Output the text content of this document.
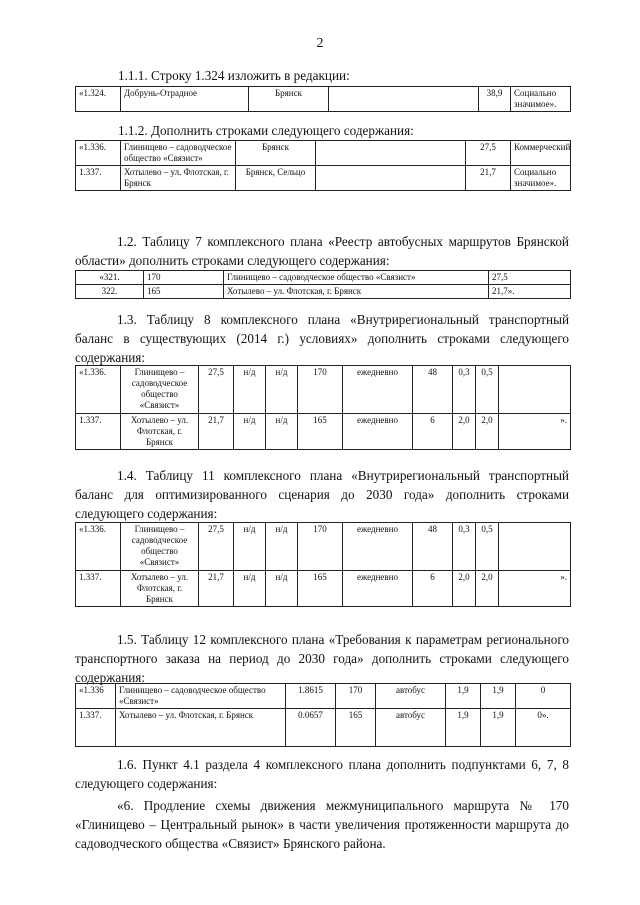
2
1.1.1. Строку 1.324 изложить в редакции:
«1.324.	Добрунь-Отрадное	Брянск		38,9	Социально значимое».
1.1.2. Дополнить строками следующего содержания:
«1.336.	Глинищево – садоводческое общество «Связист»	Брянск		27,5	Коммерческий
1.337.	Хотылево – ул. Флотская, г. Брянск	Брянск, Сельцо		21,7	Социально значимое».
1.2. Таблицу 7 комплексного плана «Реестр автобусных маршрутов Брянской области» дополнить строками следующего содержания:
«321.	170	Глинищево – садоводческое общество «Связист»	27,5
322.	165	Хотылево – ул. Флотская, г. Брянск	21,7».
1.3. Таблицу 8 комплексного плана «Внутрирегиональный транспортный баланс в существующих (2014 г.) условиях» дополнить строками следующего содержания:
«1.336.	Глинищево – садоводческое общество «Связист»	27,5	н/д	н/д	170	ежедневно	48	0,3	0,5	
1.337.	Хотылево – ул. Флотская, г. Брянск	21,7	н/д	н/д	165	ежедневно	6	2,0	2,0	».
1.4. Таблицу 11 комплексного плана «Внутрирегиональный транспортный баланс для оптимизированного сценария до 2030 года» дополнить строками следующего содержания:
«1.336.	Глинищево – садоводческое общество «Связист»	27,5	н/д	н/д	170	ежедневно	48	0,3	0,5	
1.337.	Хотылево – ул. Флотская, г. Брянск	21,7	н/д	н/д	165	ежедневно	6	2,0	2,0	».
1.5. Таблицу 12 комплексного плана «Требования к параметрам регионального транспортного заказа на период до 2030 года» дополнить строками следующего содержания:
«1.336	Глинищево – садоводческое общество «Связист»	1.8615	170	автобус	1,9	1,9	0
1.337.	Хотылево – ул. Флотская, г. Брянск	0.0657	165	автобус	1,9	1,9	0».
1.6. Пункт 4.1 раздела 4 комплексного плана дополнить подпунктами 6, 7, 8 следующего содержания:
«6. Продление схемы движения межмуниципального маршрута № 170 «Глинищево – Центральный рынок» в части увеличения протяженности маршрута до садоводческого общества «Связист» Брянского района.
